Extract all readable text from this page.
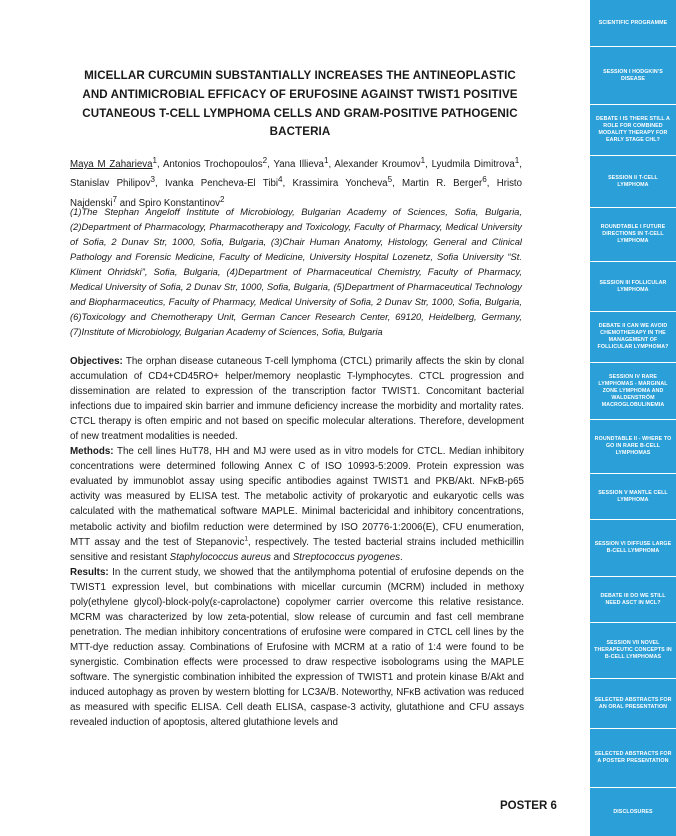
MICELLAR CURCUMIN SUBSTANTIALLY INCREASES THE ANTINEOPLASTIC AND ANTIMICROBIAL EFFICACY OF ERUFOSINE AGAINST TWIST1 POSITIVE CUTANEOUS T-CELL LYMPHOMA CELLS AND GRAM-POSITIVE PATHOGENIC BACTERIA
Maya M Zaharieva$^1$, Antonios Trochopoulos$^2$, Yana Illieva$^1$, Alexander Kroumov$^1$, Lyudmila Dimitrova$^1$, Stanislav Philipov$^3$, Ivanka Pencheva-El Tibi$^4$, Krassimira Yoncheva$^5$, Martin R. Berger$^6$, Hristo Najdenski$^7$ and Spiro Konstantinov$^2$
(1)The Stephan Angeloff Institute of Microbiology, Bulgarian Academy of Sciences, Sofia, Bulgaria, (2)Department of Pharmacology, Pharmacotherapy and Toxicology, Faculty of Pharmacy, Medical University of Sofia, 2 Dunav Str, 1000, Sofia, Bulgaria, (3)Chair Human Anatomy, Histology, General and Clinical Pathology and Forensic Medicine, Faculty of Medicine, University Hospital Lozenetz, Sofia University “St. Kliment Ohridski”, Sofia, Bulgaria, (4)Department of Pharmaceutical Chemistry, Faculty of Pharmacy, Medical University of Sofia, 2 Dunav Str, 1000, Sofia, Bulgaria, (5)Department of Pharmaceutical Technology and Biopharmaceutics, Faculty of Pharmacy, Medical University of Sofia, 2 Dunav Str, 1000, Sofia, Bulgaria, (6)Toxicology and Chemotherapy Unit, German Cancer Research Center, 69120, Heidelberg, Germany, (7)Institute of Microbiology, Bulgarian Academy of Sciences, Sofia, Bulgaria

Objectives: The orphan disease cutaneous T-cell lymphoma (CTCL) primarily affects the skin by clonal accumulation of CD4+CD45RO+ helper/memory neoplastic T-lymphocytes. CTCL progression and dissemination are related to expression of the transcription factor TWIST1. Concomitant bacterial infections due to impaired skin barrier and immune deficiency increase the morbidity and mortality rates. CTCL therapy is often empiric and not based on specific molecular alterations. Therefore, development of new treatment modalities is needed.

Methods: The cell lines HuT78, HH and MJ were used as in vitro models for CTCL. Median inhibitory concentrations were determined following Annex C of ISO 10993-5:2009. Protein expression was evaluated by immunoblot assay using specific antibodies against TWIST1 and PKB/Akt. NFκB-p65 activity was measured by ELISA test. The metabolic activity of prokaryotic and eukaryotic cells was calculated with the mathematical software MAPLE. Minimal bactericidal and inhibitory concentrations, metabolic activity and biofilm reduction were determined by ISO 20776-1:2006(E), CFU enumeration, MTT assay and the test of Stepanovic$^1$, respectively. The tested bacterial strains included methicillin sensitive and resistant Staphylococcus aureus and Streptococcus pyogenes.

Results: In the current study, we showed that the antilymphoma potential of erufosine depends on the TWIST1 expression level, but combinations with micellar curcumin (MCRM) included in methoxy poly(ethylene glycol)-block-poly(ε-caprolactone) copolymer carrier overcome this relative resistance. MCRM was characterized by low zeta-potential, slow release of curcumin and fast cell membrane penetration. The median inhibitory concentrations of erufosine were compared in CTCL cell lines by the MTT-dye reduction assay. Combinations of Erufosine with MCRM at a ratio of 1:4 were found to be synergistic. Combination effects were processed to draw respective isobolograms using the MAPLE software. The synergistic combination inhibited the expression of TWIST1 and protein kinase B/Akt and induced autophagy as proven by western blotting for LC3A/B. Noteworthy, NFκB activation was reduced as measured with specific ELISA. Cell death ELISA, caspase-3 activity, glutathione and CFU assays revealed induction of apoptosis, altered glutathione levels and

POSTER 6
SCIENTIFIC PROGRAMME
SESSION I HODGKIN'S DISEASE
DEBATE I IS THERE STILL A ROLE FOR COMBINED MODALITY THERAPY FOR EARLY STAGE CHL?
SESSION II T-CELL LYMPHOMA
ROUNDTABLE I FUTURE DIRECTIONS IN T-CELL LYMPHOMA
SESSION III FOLLICULAR LYMPHOMA
DEBATE II CAN WE AVOID CHEMOTHERAPY IN THE MANAGEMENT OF FOLLICULAR LYMPHOMA?
SESSION IV RARE LYMPHOMAS - MARGINAL ZONE LYMPHOMA AND WALDENSTRÖM MACROGLOBULINEMIA
ROUNDTABLE II - WHERE TO GO IN RARE B-CELL LYMPHOMAS
SESSION V MANTLE CELL LYMPHOMA
SESSION VI DIFFUSE LARGE B-CELL LYMPHOMA
DEBATE III DO WE STILL NEED ASCT IN MCL?
SESSION VII NOVEL THERAPEUTIC CONCEPTS IN B-CELL LYMPHOMAS
SELECTED ABSTRACTS FOR AN ORAL PRESENTATION
SELECTED ABSTRACTS FOR A POSTER PRESENTATION
DISCLOSURES
